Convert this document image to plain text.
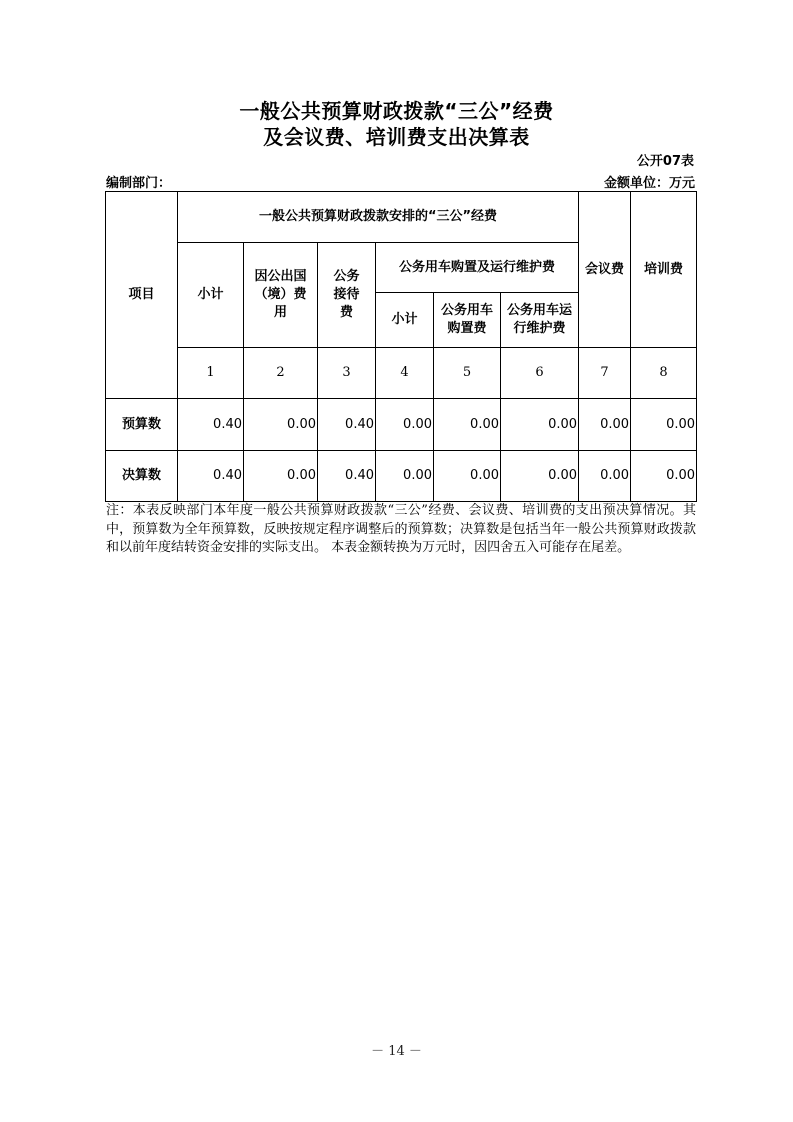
一般公共预算财政拨款“三公”经费
及会议费、培训费支出决算表
公开07表
编制部门：	金额单位：万元
项目	一般公共预算财政拨款安排的“三公”经费						会议费	培训费
	小计	因公出国（境）费用	公务接待费	公务用车购置及运行维护费				
				小计	公务用车购置费	公务用车运行维护费		
	1	2	3	4	5	6	7	8
预算数	0.40	0.00	0.40	0.00	0.00	0.00	0.00	0.00
决算数	0.40	0.00	0.40	0.00	0.00	0.00	0.00	0.00
注：本表反映部门本年度一般公共预算财政拨款“三公”经费、会议费、培训费的支出预决算情况。其中，预算数为全年预算数，反映按规定程序调整后的预算数；决算数是包括当年一般公共预算财政拨款和以前年度结转资金安排的实际支出。 本表金额转换为万元时，因四舍五入可能存在尾差。
－ 14 －
